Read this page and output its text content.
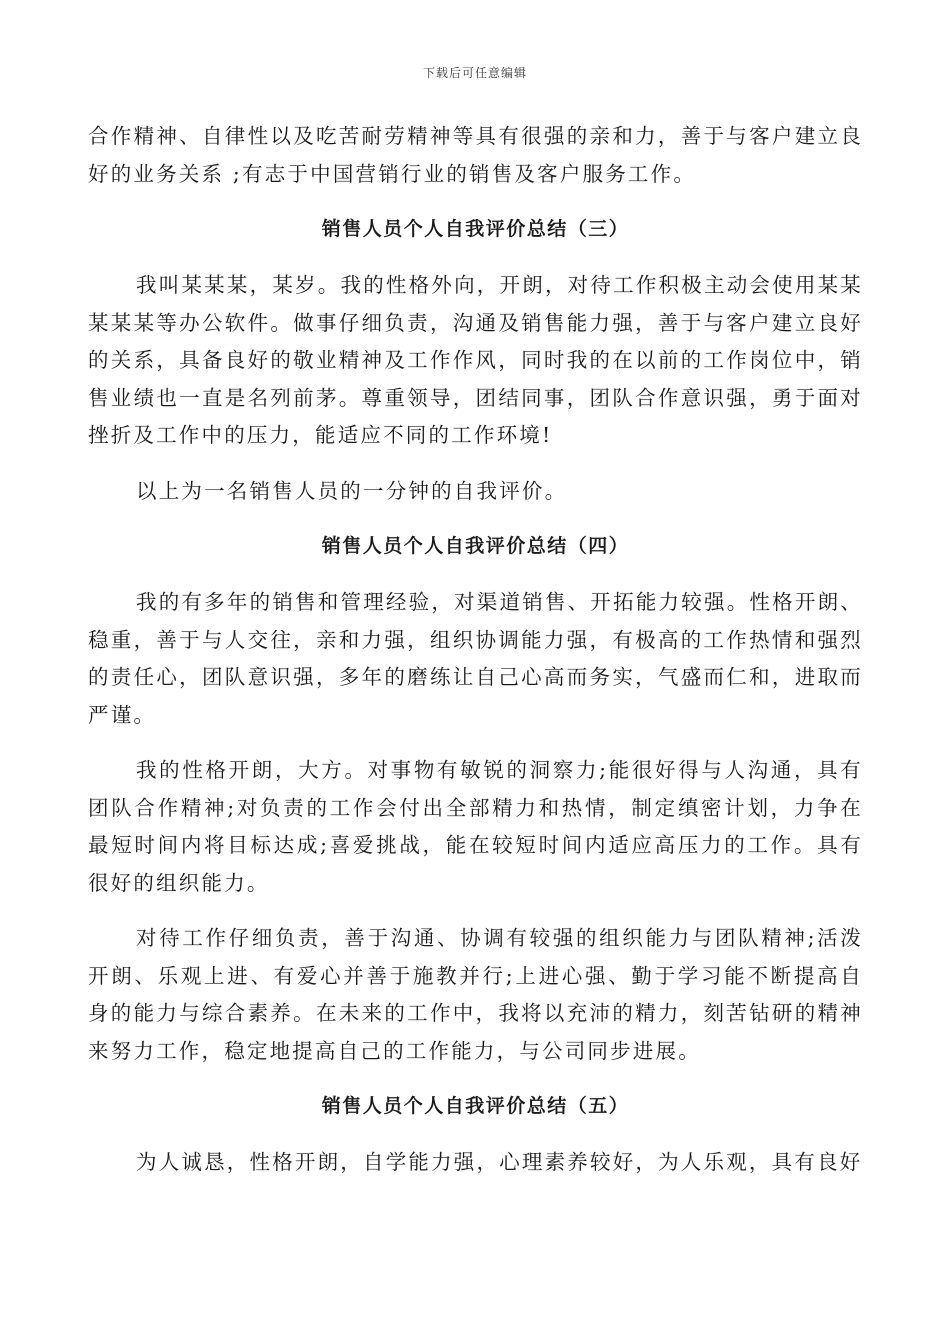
下载后可任意编辑

合作精神、自律性以及吃苦耐劳精神等具有很强的亲和力，善于与客户建立良好的业务关系 ;有志于中国营销行业的销售及客户服务工作。

销售人员个人自我评价总结（三）

我叫某某某，某岁。我的性格外向，开朗，对待工作积极主动会使用某某某某某等办公软件。做事仔细负责，沟通及销售能力强，善于与客户建立良好的关系，具备良好的敬业精神及工作作风，同时我的在以前的工作岗位中，销售业绩也一直是名列前茅。尊重领导，团结同事，团队合作意识强，勇于面对挫折及工作中的压力，能适应不同的工作环境!

以上为一名销售人员的一分钟的自我评价。

销售人员个人自我评价总结（四）

我的有多年的销售和管理经验，对渠道销售、开拓能力较强。性格开朗、稳重，善于与人交往，亲和力强，组织协调能力强，有极高的工作热情和强烈的责任心，团队意识强，多年的磨练让自己心高而务实，气盛而仁和，进取而严谨。

我的性格开朗，大方。对事物有敏锐的洞察力;能很好得与人沟通，具有团队合作精神;对负责的工作会付出全部精力和热情，制定缜密计划，力争在最短时间内将目标达成;喜爱挑战，能在较短时间内适应高压力的工作。具有很好的组织能力。

对待工作仔细负责，善于沟通、协调有较强的组织能力与团队精神;活泼开朗、乐观上进、有爱心并善于施教并行;上进心强、勤于学习能不断提高自身的能力与综合素养。在未来的工作中，我将以充沛的精力，刻苦钻研的精神来努力工作，稳定地提高自己的工作能力，与公司同步进展。

销售人员个人自我评价总结（五）

为人诚恳，性格开朗，自学能力强，心理素养较好，为人乐观，具有良好
